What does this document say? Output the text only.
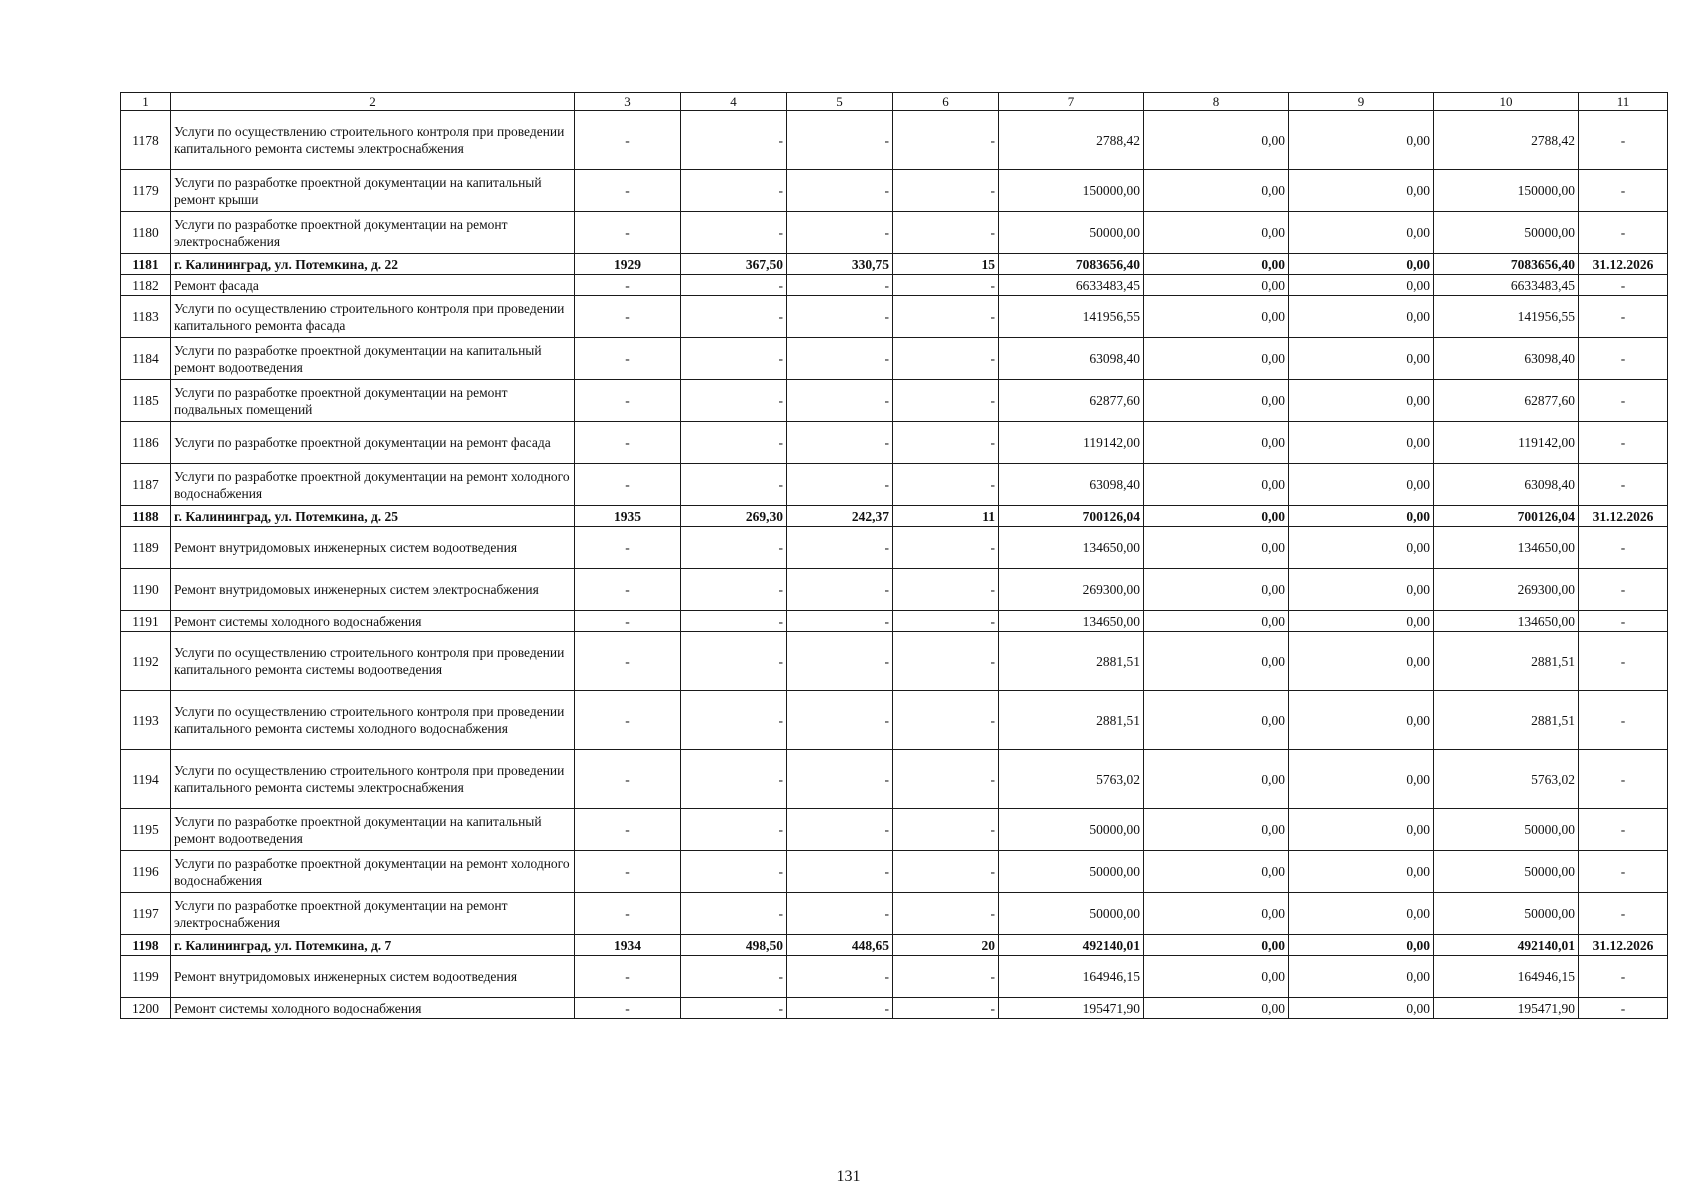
1	2	3	4	5	6	7	8	9	10	11
1178	Услуги по осуществлению строительного контроля при проведении капитального ремонта системы электроснабжения	-	-	-	-	2788,42	0,00	0,00	2788,42	-
1179	Услуги по разработке проектной документации на капитальный ремонт крыши	-	-	-	-	150000,00	0,00	0,00	150000,00	-
1180	Услуги по разработке проектной документации на ремонт электроснабжения	-	-	-	-	50000,00	0,00	0,00	50000,00	-
1181	г. Калининград, ул. Потемкина, д. 22	1929	367,50	330,75	15	7083656,40	0,00	0,00	7083656,40	31.12.2026
1182	Ремонт фасада	-	-	-	-	6633483,45	0,00	0,00	6633483,45	-
1183	Услуги по осуществлению строительного контроля при проведении капитального ремонта фасада	-	-	-	-	141956,55	0,00	0,00	141956,55	-
1184	Услуги по разработке проектной документации на капитальный ремонт водоотведения	-	-	-	-	63098,40	0,00	0,00	63098,40	-
1185	Услуги по разработке проектной документации на ремонт подвальных помещений	-	-	-	-	62877,60	0,00	0,00	62877,60	-
1186	Услуги по разработке проектной документации на ремонт фасада	-	-	-	-	119142,00	0,00	0,00	119142,00	-
1187	Услуги по разработке проектной документации на ремонт холодного водоснабжения	-	-	-	-	63098,40	0,00	0,00	63098,40	-
1188	г. Калининград, ул. Потемкина, д. 25	1935	269,30	242,37	11	700126,04	0,00	0,00	700126,04	31.12.2026
1189	Ремонт внутридомовых инженерных систем водоотведения	-	-	-	-	134650,00	0,00	0,00	134650,00	-
1190	Ремонт внутридомовых инженерных систем электроснабжения	-	-	-	-	269300,00	0,00	0,00	269300,00	-
1191	Ремонт системы холодного водоснабжения	-	-	-	-	134650,00	0,00	0,00	134650,00	-
1192	Услуги по осуществлению строительного контроля при проведении капитального ремонта системы водоотведения	-	-	-	-	2881,51	0,00	0,00	2881,51	-
1193	Услуги по осуществлению строительного контроля при проведении капитального ремонта системы холодного водоснабжения	-	-	-	-	2881,51	0,00	0,00	2881,51	-
1194	Услуги по осуществлению строительного контроля при проведении капитального ремонта системы электроснабжения	-	-	-	-	5763,02	0,00	0,00	5763,02	-
1195	Услуги по разработке проектной документации на капитальный ремонт водоотведения	-	-	-	-	50000,00	0,00	0,00	50000,00	-
1196	Услуги по разработке проектной документации на ремонт холодного водоснабжения	-	-	-	-	50000,00	0,00	0,00	50000,00	-
1197	Услуги по разработке проектной документации на ремонт электроснабжения	-	-	-	-	50000,00	0,00	0,00	50000,00	-
1198	г. Калининград, ул. Потемкина, д. 7	1934	498,50	448,65	20	492140,01	0,00	0,00	492140,01	31.12.2026
1199	Ремонт внутридомовых инженерных систем водоотведения	-	-	-	-	164946,15	0,00	0,00	164946,15	-
1200	Ремонт системы холодного водоснабжения	-	-	-	-	195471,90	0,00	0,00	195471,90	-
131
